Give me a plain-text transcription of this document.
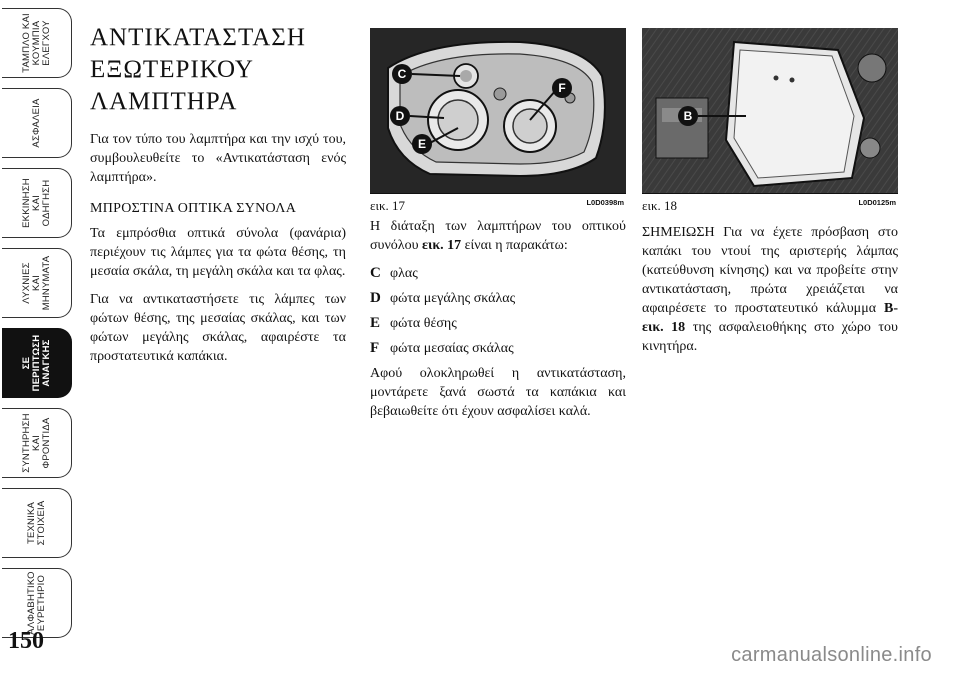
ΤΑΜΠΛΟ ΚΑΙ
ΚΟΥΜΠΙΑ
ΕΛΕΓΧΟΥ
ΑΣΦΑΛΕΙΑ
ΕΚΚΙΝΗΣΗ
ΚΑΙ
ΟΔΗΓΗΣΗ
ΛΥΧΝΙΕΣ
ΚΑΙ
ΜΗΝΥΜΑΤΑ
ΣΕ
ΠΕΡΙΠΤΩΣΗ
ΑΝΑΓΚΗΣ
ΣΥΝΤΗΡΗΣΗ
ΚΑΙ
ΦΡΟΝΤΙΔΑ
ΤΕΧΝΙΚΑ
ΣΤΟΙΧΕΙΑ
ΑΛΦΑΒΗΤΙΚΟ
ΕΥΡΕΤΗΡΙΟ
150
ΑΝΤΙΚΑΤΑΣΤΑΣΗ
ΕΞΩΤΕΡΙΚΟΥ
ΛΑΜΠΤΗΡΑ

Για τον τύπο του λαμπτήρα και την ισχύ του, συμβουλευθείτε το «Αντικατάσταση ενός λαμπτήρα».

ΜΠΡΟΣΤΙΝΑ ΟΠΤΙΚΑ ΣΥΝΟΛΑ

Τα εμπρόσθια οπτικά σύνολα (φανάρια) περιέχουν τις λάμπες για τα φώτα θέσης, τη μεσαία σκάλα, τη μεγάλη σκάλα και τα φλας.

Για να αντικαταστήσετε τις λάμπες των φώτων θέσης, της μεσαίας σκάλας, και των φώτων μεγάλης σκάλας, αφαιρέστε τα προστατευτικά καπάκια.

C
D
E
F
εικ. 17	L0D0398m

Η διάταξη των λαμπτήρων του οπτικού συνόλου εικ. 17 είναι η παρακάτω:

C φλας
D φώτα μεγάλης σκάλας
E φώτα θέσης
F φώτα μεσαίας σκάλας

Αφού ολοκληρωθεί η αντικατάσταση, μοντάρετε ξανά σωστά τα καπάκια και βεβαιωθείτε ότι έχουν ασφαλίσει καλά.

B
εικ. 18	L0D0125m

ΣΗΜΕΙΩΣΗ Για να έχετε πρόσβαση στο καπάκι του ντουί της αριστερής λάμπας (κατεύθυνση κίνησης) και να προβείτε στην αντικατάσταση, πρώτα χρειάζεται να αφαιρέσετε το προστατευτικό κάλυμμα B-εικ. 18 της ασφαλειοθήκης στο χώρο του κινητήρα.

carmanualsonline.info
